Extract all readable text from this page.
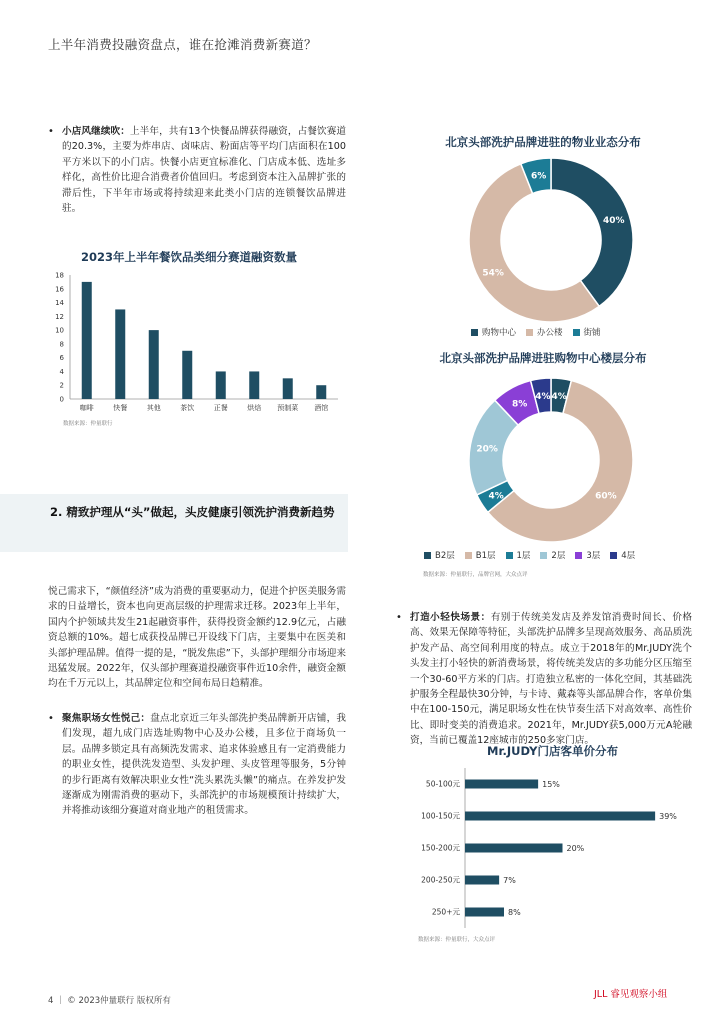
上半年消费投融资盘点，谁在抢滩消费新赛道？
• 小店风继续吹：上半年，共有13个快餐品牌获得融资，占餐饮赛道的20.3%，主要为炸串店、卤味店、粉面店等平均门店面积在100平方米以下的小门店。快餐小店更宜标准化、门店成本低、选址多样化，高性价比迎合消费者价值回归。考虑到资本注入品牌扩张的滞后性，下半年市场或将持续迎来此类小门店的连锁餐饮品牌进驻。
2023年上半年餐饮品类细分赛道融资数量
0
2
4
6
8
10
12
14
16
18
咖啡	快餐	其他	茶饮	正餐	烘焙 预制菜 酒馆
数据来源：仲量联行
2. 精致护理从“头”做起，头皮健康引领洗护消费新趋势
悦己需求下，“颜值经济”成为消费的重要驱动力，促进个护医美服务需求的日益增长，资本也向更高层级的护理需求迁移。2023年上半年，国内个护领域共发生21起融资事件，获得投资金额约12.9亿元，占融资总额的10%。超七成获投品牌已开设线下门店，主要集中在医美和头部护理品牌。值得一提的是，“脱发焦虑”下，头部护理细分市场迎来迅猛发展。2022年，仅头部护理赛道投融资事件近10余件，融资金额均在千万元以上，其品牌定位和空间布局日趋精准。
• 聚焦职场女性悦己：盘点北京近三年头部洗护类品牌新开店铺，我们发现，超九成门店选址购物中心及办公楼，且多位于商场负一层。品牌多锁定具有高频洗发需求、追求体验感且有一定消费能力的职业女性，提供洗发造型、头发护理、头皮管理等服务，5分钟的步行距离有效解决职业女性“洗头累洗头懒”的痛点。在养发护发逐渐成为刚需消费的驱动下，头部洗护的市场规模预计持续扩大，并将推动该细分赛道对商业地产的租赁需求。
北京头部洗护品牌进驻的物业业态分布
40%
54%
6%
购物中心 办公楼 街铺
北京头部洗护品牌进驻购物中心楼层分布
4%
60%
4%
20%
8%
4%
B2层 B1层 1层 2层 3层 4层
数据来源：仲量联行，品牌官网，大众点评
• 打造小轻快场景：有别于传统美发店及养发馆消费时间长、价格高、效果无保障等特征，头部洗护品牌多呈现高效服务、高品质洗护发产品、高空间利用度的特点。成立于2018年的Mr.JUDY洗个头发主打小轻快的新消费场景，将传统美发店的多功能分区压缩至一个30-60平方米的门店。打造独立私密的一体化空间，其基础洗护服务全程最快30分钟，与卡诗、戴森等头部品牌合作，客单价集中在100-150元，满足职场女性在快节奏生活下对高效率、高性价比、即时变美的消费追求。2021年，Mr.JUDY获5,000万元A轮融资，当前已覆盖12座城市的250多家门店。
Mr.JUDY门店客单价分布
50-100元	15%
100-150元	39%
150-200元	20%
200-250元	7%
250+元	8%
数据来源：仲量联行，大众点评
4 ｜ © 2023仲量联行 版权所有
JLL 睿见观察小组
